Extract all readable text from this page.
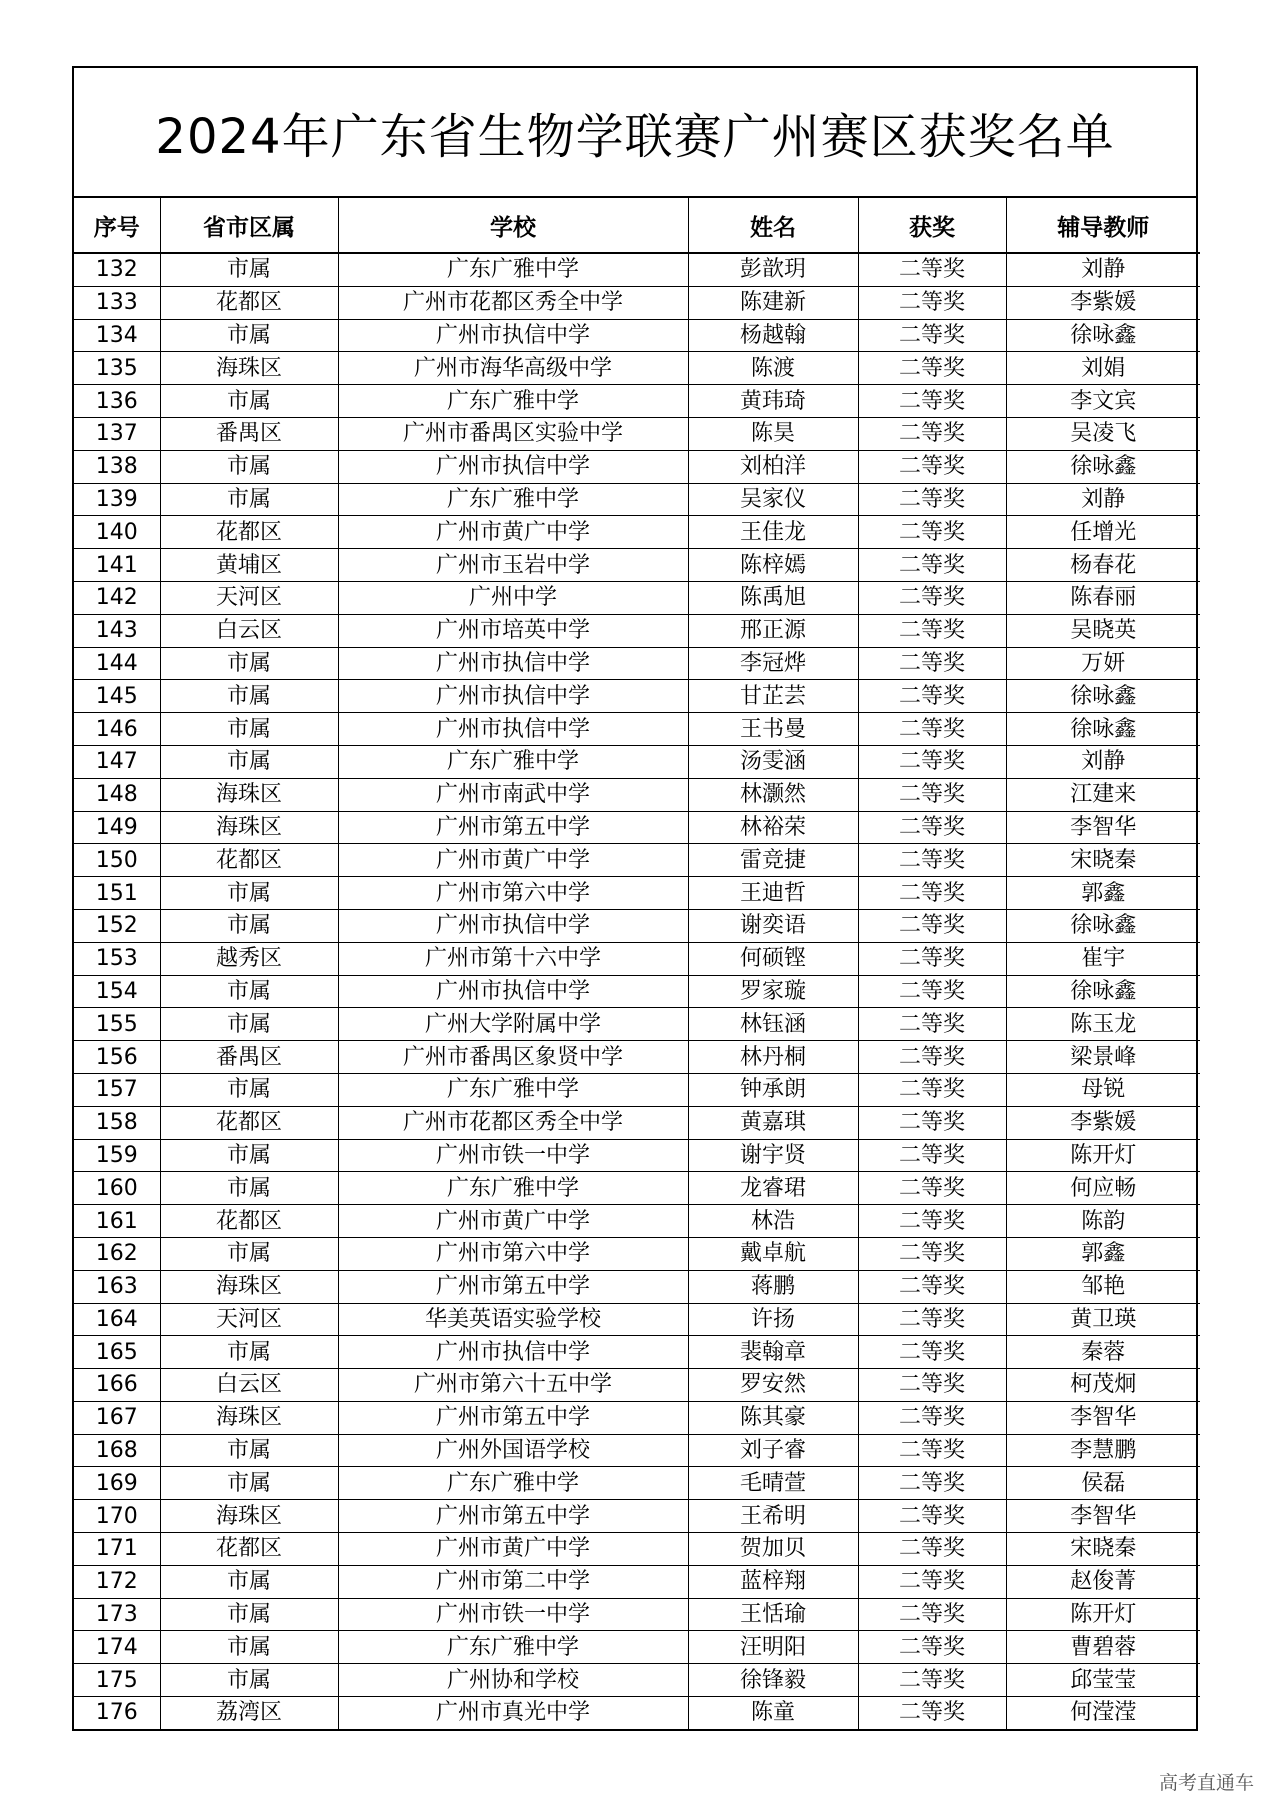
2024年广东省生物学联赛广州赛区获奖名单
序号	省市区属	学校	姓名	获奖	辅导教师
132	市属	广东广雅中学	彭歆玥	二等奖	刘静
133	花都区	广州市花都区秀全中学	陈建新	二等奖	李紫媛
134	市属	广州市执信中学	杨越翰	二等奖	徐咏鑫
135	海珠区	广州市海华高级中学	陈渡	二等奖	刘娟
136	市属	广东广雅中学	黄玮琦	二等奖	李文宾
137	番禺区	广州市番禺区实验中学	陈昊	二等奖	吴凌飞
138	市属	广州市执信中学	刘柏洋	二等奖	徐咏鑫
139	市属	广东广雅中学	吴家仪	二等奖	刘静
140	花都区	广州市黄广中学	王佳龙	二等奖	任增光
141	黄埔区	广州市玉岩中学	陈梓嫣	二等奖	杨春花
142	天河区	广州中学	陈禹旭	二等奖	陈春丽
143	白云区	广州市培英中学	邢正源	二等奖	吴晓英
144	市属	广州市执信中学	李冠烨	二等奖	万妍
145	市属	广州市执信中学	甘芷芸	二等奖	徐咏鑫
146	市属	广州市执信中学	王书曼	二等奖	徐咏鑫
147	市属	广东广雅中学	汤雯涵	二等奖	刘静
148	海珠区	广州市南武中学	林灏然	二等奖	江建来
149	海珠区	广州市第五中学	林裕荣	二等奖	李智华
150	花都区	广州市黄广中学	雷竞捷	二等奖	宋晓秦
151	市属	广州市第六中学	王迪哲	二等奖	郭鑫
152	市属	广州市执信中学	谢奕语	二等奖	徐咏鑫
153	越秀区	广州市第十六中学	何硕铿	二等奖	崔宇
154	市属	广州市执信中学	罗家璇	二等奖	徐咏鑫
155	市属	广州大学附属中学	林钰涵	二等奖	陈玉龙
156	番禺区	广州市番禺区象贤中学	林丹桐	二等奖	梁景峰
157	市属	广东广雅中学	钟承朗	二等奖	母锐
158	花都区	广州市花都区秀全中学	黄嘉琪	二等奖	李紫媛
159	市属	广州市铁一中学	谢宇贤	二等奖	陈开灯
160	市属	广东广雅中学	龙睿珺	二等奖	何应畅
161	花都区	广州市黄广中学	林浩	二等奖	陈韵
162	市属	广州市第六中学	戴卓航	二等奖	郭鑫
163	海珠区	广州市第五中学	蒋鹏	二等奖	邹艳
164	天河区	华美英语实验学校	许扬	二等奖	黄卫瑛
165	市属	广州市执信中学	裴翰章	二等奖	秦蓉
166	白云区	广州市第六十五中学	罗安然	二等奖	柯茂炯
167	海珠区	广州市第五中学	陈其豪	二等奖	李智华
168	市属	广州外国语学校	刘子睿	二等奖	李慧鹏
169	市属	广东广雅中学	毛晴萱	二等奖	侯磊
170	海珠区	广州市第五中学	王希明	二等奖	李智华
171	花都区	广州市黄广中学	贺加贝	二等奖	宋晓秦
172	市属	广州市第二中学	蓝梓翔	二等奖	赵俊菁
173	市属	广州市铁一中学	王恬瑜	二等奖	陈开灯
174	市属	广东广雅中学	汪明阳	二等奖	曹碧蓉
175	市属	广州协和学校	徐锋毅	二等奖	邱莹莹
176	荔湾区	广州市真光中学	陈童	二等奖	何滢滢
高考直通车
